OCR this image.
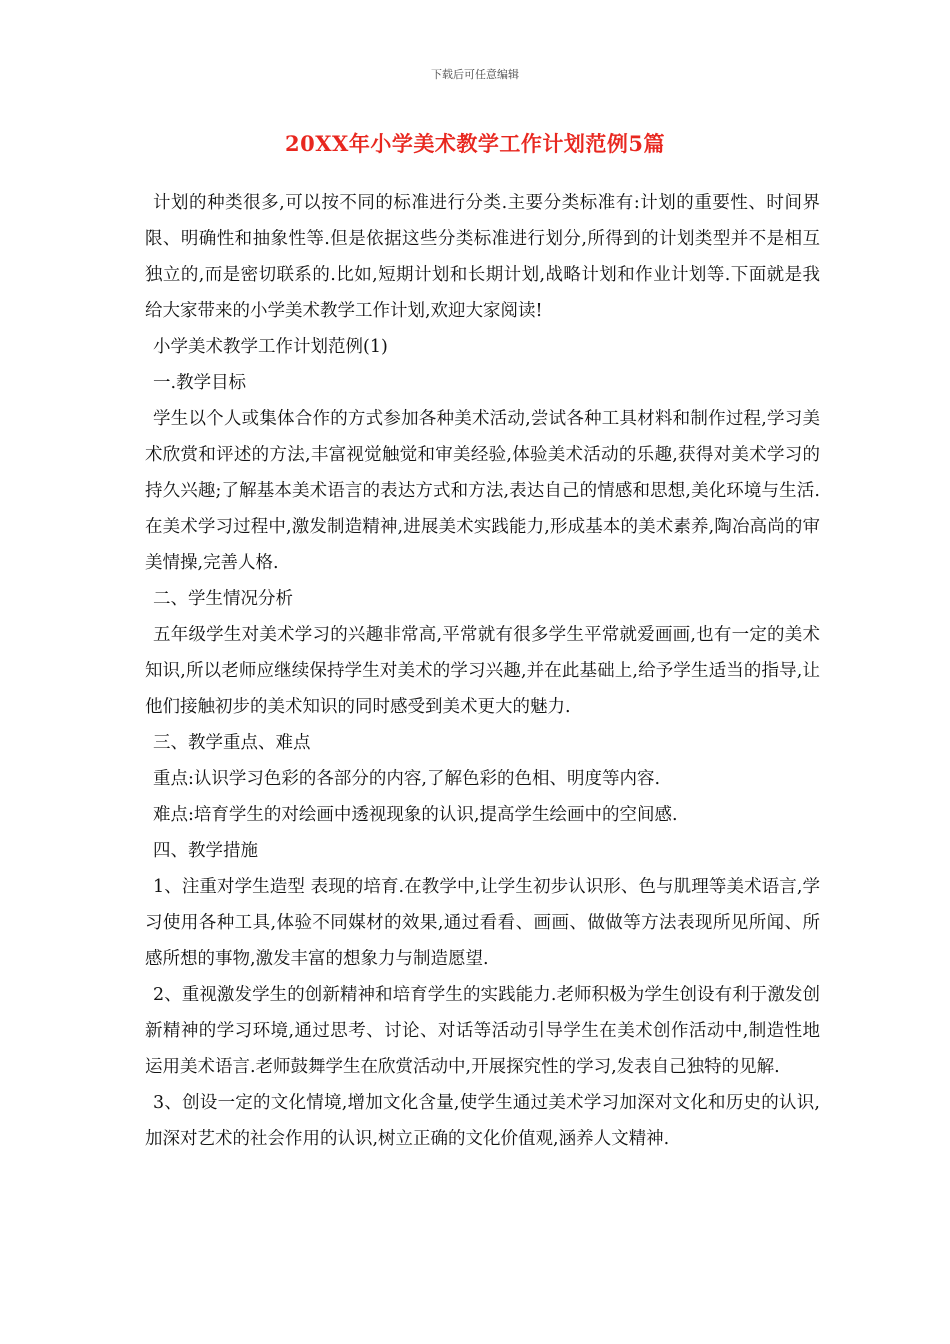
下载后可任意编辑
20XX年小学美术教学工作计划范例5篇

计划的种类很多,可以按不同的标准进行分类.主要分类标准有:计划的重要性、时间界限、明确性和抽象性等.但是依据这些分类标准进行划分,所得到的计划类型并不是相互独立的,而是密切联系的.比如,短期计划和长期计划,战略计划和作业计划等.下面就是我给大家带来的小学美术教学工作计划,欢迎大家阅读!

小学美术教学工作计划范例(1)

一.教学目标

学生以个人或集体合作的方式参加各种美术活动,尝试各种工具材料和制作过程,学习美术欣赏和评述的方法,丰富视觉触觉和审美经验,体验美术活动的乐趣,获得对美术学习的持久兴趣;了解基本美术语言的表达方式和方法,表达自己的情感和思想,美化环境与生活.在美术学习过程中,激发制造精神,进展美术实践能力,形成基本的美术素养,陶冶高尚的审美情操,完善人格.

二、学生情况分析

五年级学生对美术学习的兴趣非常高,平常就有很多学生平常就爱画画,也有一定的美术知识,所以老师应继续保持学生对美术的学习兴趣,并在此基础上,给予学生适当的指导,让他们接触初步的美术知识的同时感受到美术更大的魅力.

三、教学重点、难点

重点:认识学习色彩的各部分的内容,了解色彩的色相、明度等内容.

难点:培育学生的对绘画中透视现象的认识,提高学生绘画中的空间感.

四、教学措施

1、注重对学生造型 表现的培育.在教学中,让学生初步认识形、色与肌理等美术语言,学习使用各种工具,体验不同媒材的效果,通过看看、画画、做做等方法表现所见所闻、所感所想的事物,激发丰富的想象力与制造愿望.

2、重视激发学生的创新精神和培育学生的实践能力.老师积极为学生创设有利于激发创新精神的学习环境,通过思考、讨论、对话等活动引导学生在美术创作活动中,制造性地运用美术语言.老师鼓舞学生在欣赏活动中,开展探究性的学习,发表自己独特的见解.

3、创设一定的文化情境,增加文化含量,使学生通过美术学习加深对文化和历史的认识,加深对艺术的社会作用的认识,树立正确的文化价值观,涵养人文精神.
